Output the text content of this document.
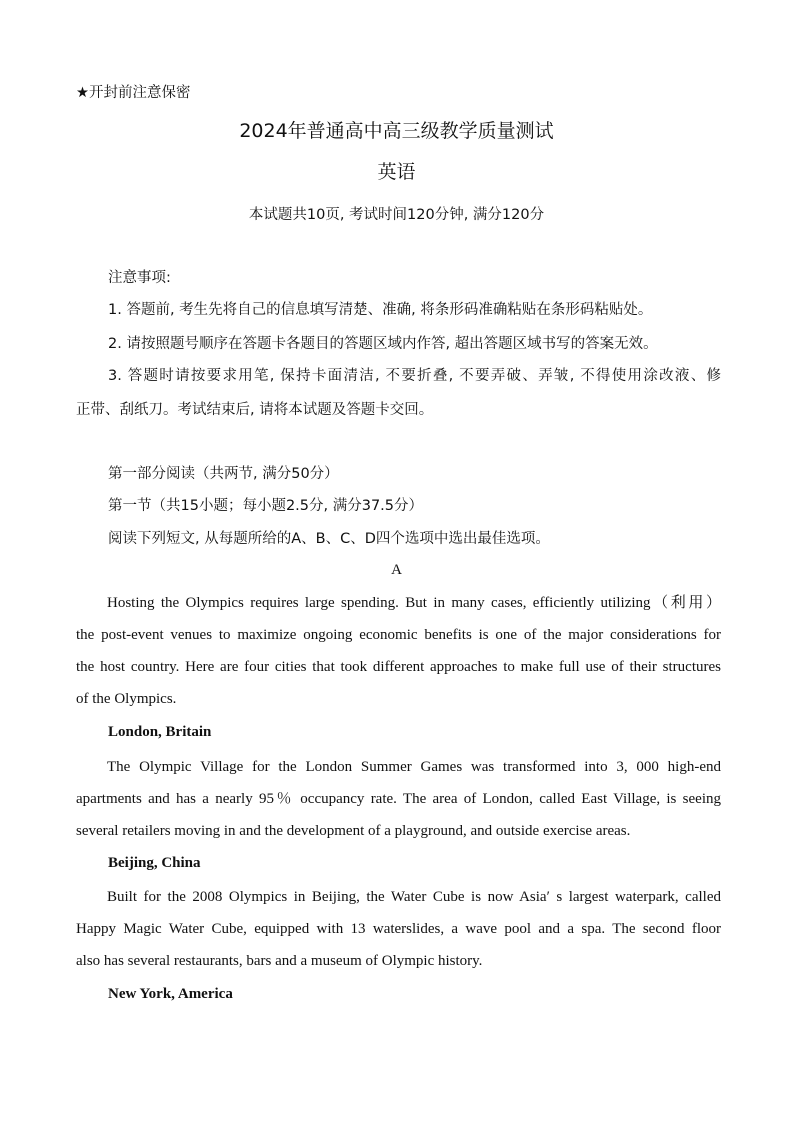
★开封前注意保密
2024年普通高中高三级教学质量测试
英语
本试题共10页, 考试时间120分钟, 满分120分
注意事项:
1. 答题前, 考生先将自己的信息填写清楚、准确, 将条形码准确粘贴在条形码粘贴处。
2. 请按照题号顺序在答题卡各题目的答题区域内作答, 超出答题区域书写的答案无效。
3. 答题时请按要求用笔, 保持卡面清洁, 不要折叠, 不要弄破、弄皱, 不得使用涂改液、修
正带、刮纸刀。考试结束后, 请将本试题及答题卡交回。
第一部分阅读（共两节, 满分50分）
第一节（共15小题；每小题2.5分, 满分37.5分）
阅读下列短文, 从每题所给的A、B、C、D四个选项中选出最佳选项。
A
Hosting the Olympics requires large spending. But in many cases, efficiently utilizing（利用）
the post-event venues to maximize ongoing economic benefits is one of the major considerations for
the host country. Here are four cities that took different approaches to make full use of their structures
of the Olympics.
London, Britain
The Olympic Village for the London Summer Games was transformed into 3, 000 high-end
apartments and has a nearly 95％ occupancy rate. The area of London, called East Village, is seeing
several retailers moving in and the development of a playground, and outside exercise areas.
Beijing, China
Built for the 2008 Olympics in Beijing, the Water Cube is now Asia′ s largest waterpark, called
Happy Magic Water Cube, equipped with 13 waterslides, a wave pool and a spa. The second floor
also has several restaurants, bars and a museum of Olympic history.
New York, America
